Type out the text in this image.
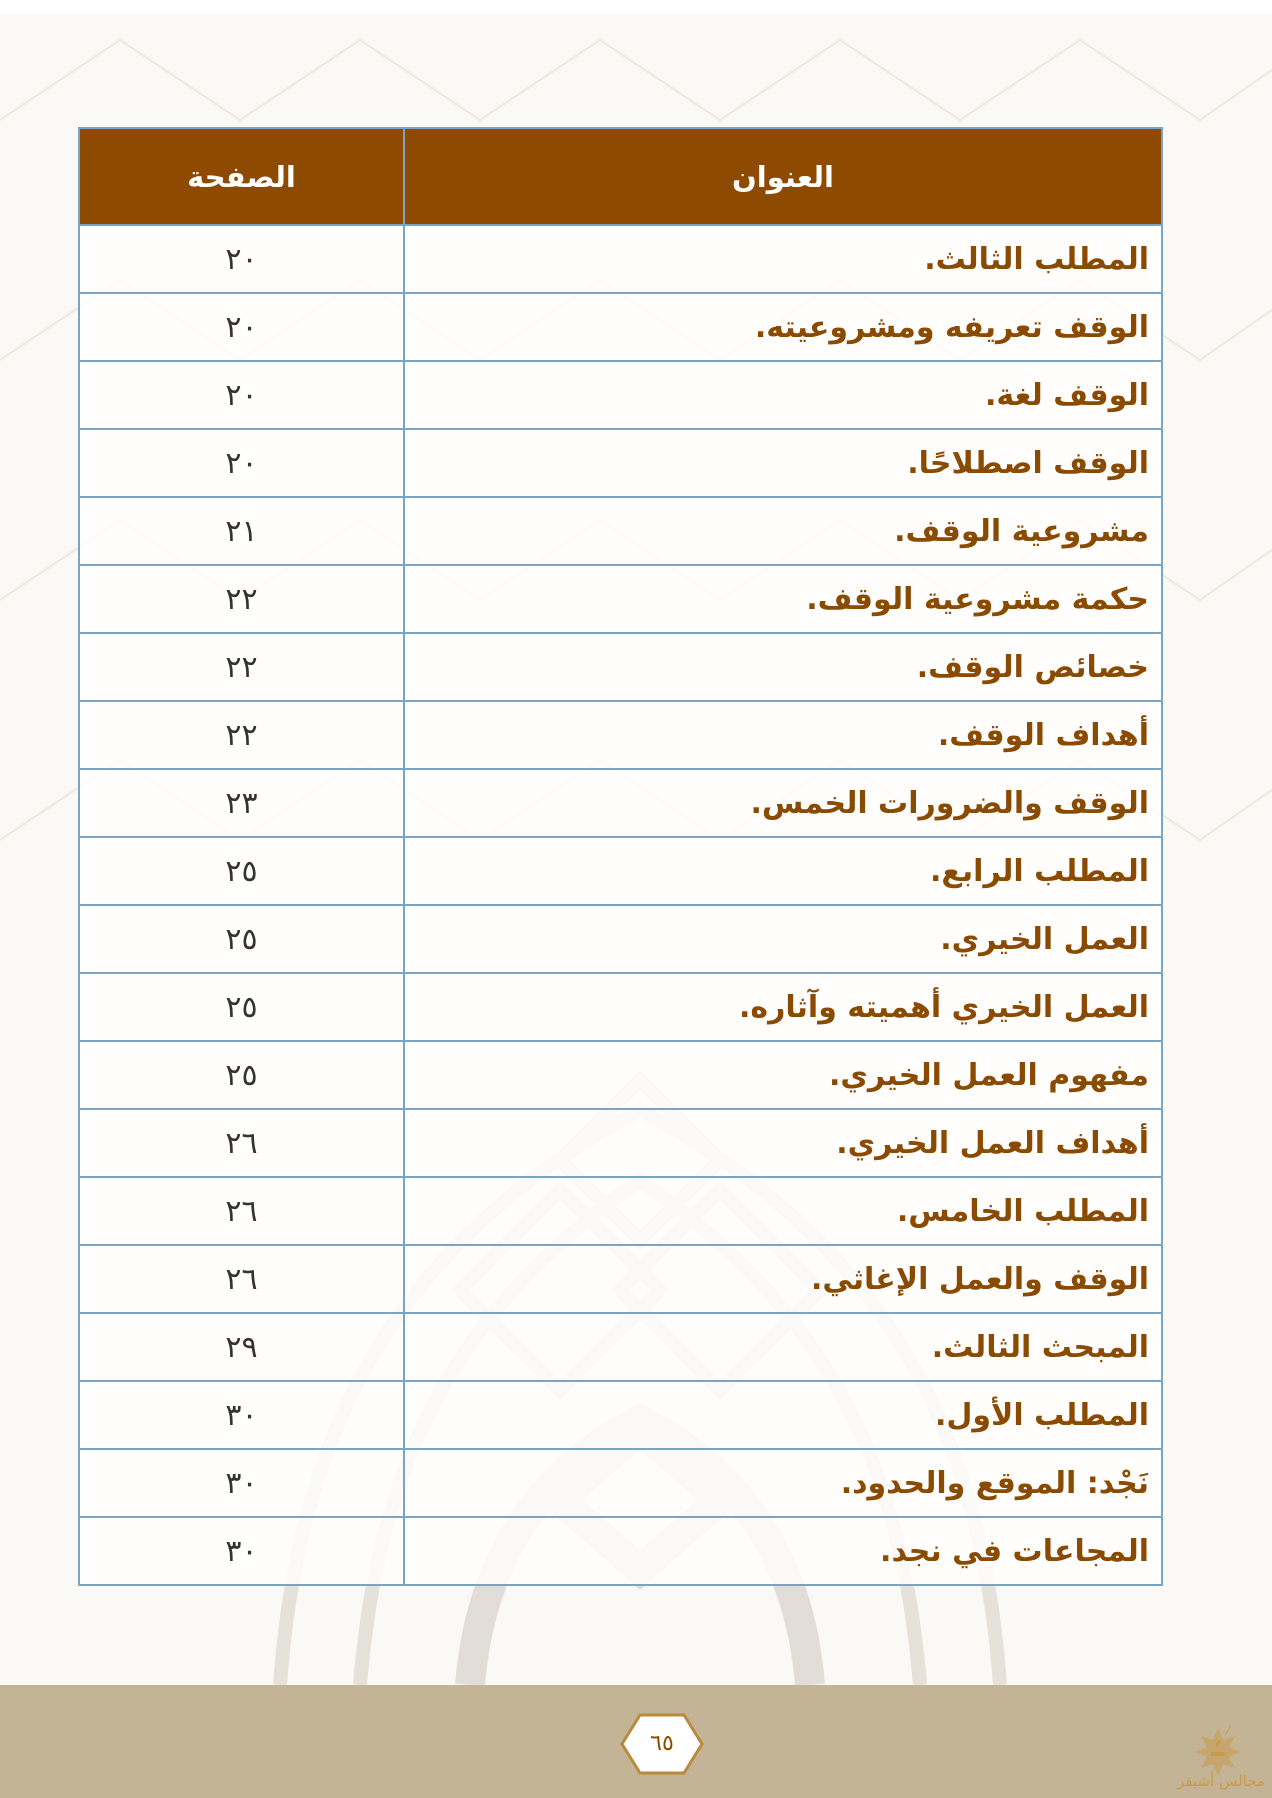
العنوان	الصفحة
المطلب الثالث.	٢٠
الوقف تعريفه ومشروعيته.	٢٠
الوقف لغة.	٢٠
الوقف اصطلاحًا.	٢٠
مشروعية الوقف.	٢١
حكمة مشروعية الوقف.	٢٢
خصائص الوقف.	٢٢
أهداف الوقف.	٢٢
الوقف والضرورات الخمس.	٢٣
المطلب الرابع.	٢٥
العمل الخيري.	٢٥
العمل الخيري أهميته وآثاره.	٢٥
مفهوم العمل الخيري.	٢٥
أهداف العمل الخيري.	٢٦
المطلب الخامس.	٢٦
الوقف والعمل الإغاثي.	٢٦
المبحث الثالث.	٢٩
المطلب الأول.	٣٠
نَجْد: الموقع والحدود.	٣٠
المجاعات في نجد.	٣٠
٦٥
مجالس أشيقر
